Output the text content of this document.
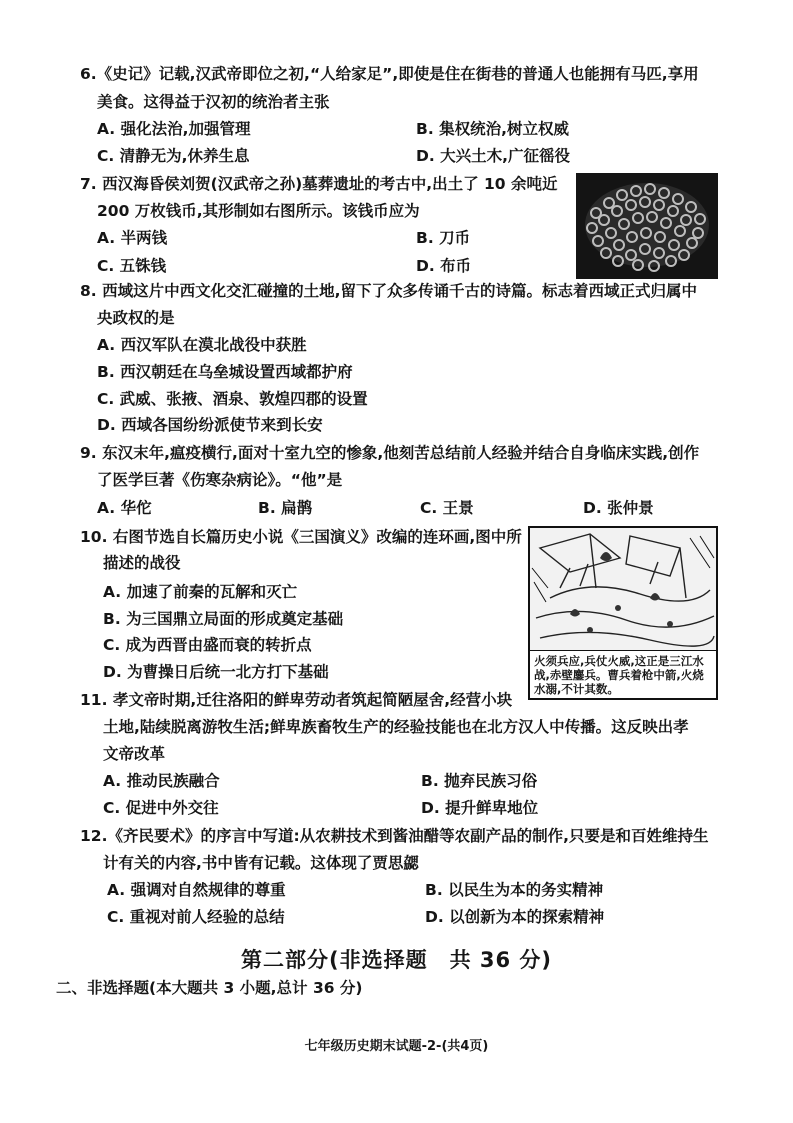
6.《史记》记载,汉武帝即位之初,“人给家足”,即使是住在街巷的普通人也能拥有马匹,享用
美食。这得益于汉初的统治者主张
A. 强化法治,加强管理	B. 集权统治,树立权威
C. 清静无为,休养生息	D. 大兴土木,广征徭役
7. 西汉海昏侯刘贺(汉武帝之孙)墓葬遗址的考古中,出土了 10 余吨近
200 万枚钱币,其形制如右图所示。该钱币应为
A. 半两钱	B. 刀币
C. 五铢钱	D. 布币
8. 西域这片中西文化交汇碰撞的土地,留下了众多传诵千古的诗篇。标志着西域正式归属中
央政权的是
A. 西汉军队在漠北战役中获胜
B. 西汉朝廷在乌垒城设置西域都护府
C. 武威、张掖、酒泉、敦煌四郡的设置
D. 西域各国纷纷派使节来到长安
9. 东汉末年,瘟疫横行,面对十室九空的惨象,他刻苦总结前人经验并结合自身临床实践,创作
了医学巨著《伤寒杂病论》。“他”是
A. 华佗	B. 扁鹊	C. 王景	D. 张仲景
10. 右图节选自长篇历史小说《三国演义》改编的连环画,图中所
描述的战役
A. 加速了前秦的瓦解和灭亡
B. 为三国鼎立局面的形成奠定基础
C. 成为西晋由盛而衰的转折点
D. 为曹操日后统一北方打下基础
火须兵应,兵仗火威,这正是三江水战,赤壁鏖兵。曹兵着枪中箭,火烧水溺,不计其数。
11. 孝文帝时期,迁往洛阳的鲜卑劳动者筑起简陋屋舍,经营小块
土地,陆续脱离游牧生活;鲜卑族畜牧生产的经验技能也在北方汉人中传播。这反映出孝
文帝改革
A. 推动民族融合	B. 抛弃民族习俗
C. 促进中外交往	D. 提升鲜卑地位
12.《齐民要术》的序言中写道:从农耕技术到酱油醋等农副产品的制作,只要是和百姓维持生
计有关的内容,书中皆有记载。这体现了贾思勰
A. 强调对自然规律的尊重	B. 以民生为本的务实精神
C. 重视对前人经验的总结	D. 以创新为本的探索精神
第二部分(非选择题　共 36 分)
二、非选择题(本大题共 3 小题,总计 36 分)
七年级历史期末试题-2-(共4页)
